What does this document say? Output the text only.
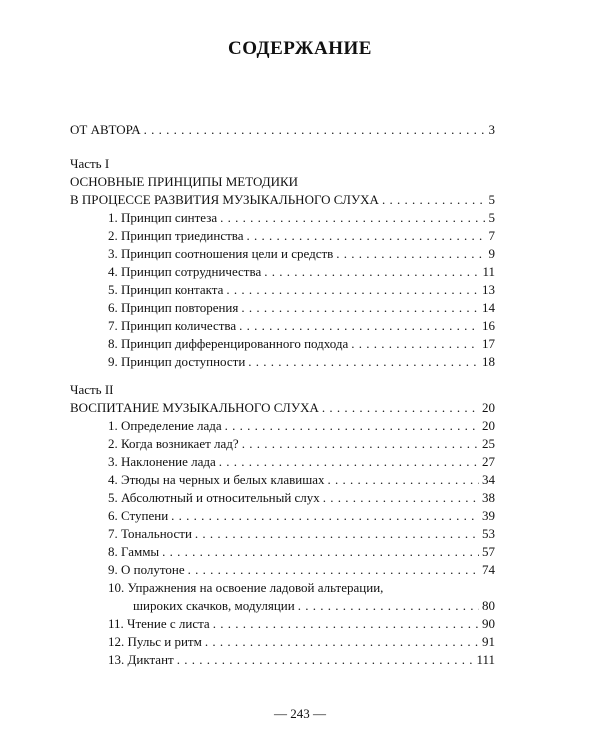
СОДЕРЖАНИЕ
ОТ АВТОРА . . .	3
Часть I
ОСНОВНЫЕ ПРИНЦИПЫ МЕТОДИКИ
В ПРОЦЕССЕ РАЗВИТИЯ МУЗЫКАЛЬНОГО СЛУХА . . .	5
1. Принцип синтеза . . .	5
2. Принцип триединства . . .	7
3. Принцип соотношения цели и средств . . .	9
4. Принцип сотрудничества . . .	11
5. Принцип контакта . . .	13
6. Принцип повторения . . .	14
7. Принцип количества . . .	16
8. Принцип дифференцированного подхода . . .	17
9. Принцип доступности . . .	18
Часть II
ВОСПИТАНИЕ МУЗЫКАЛЬНОГО СЛУХА . . .	20
1. Определение лада . . .	20
2. Когда возникает лад? . . .	25
3. Наклонение лада . . .	27
4. Этюды на черных и белых клавишах . . .	34
5. Абсолютный и относительный слух . . .	38
6. Ступени . . .	39
7. Тональности . . .	53
8. Гаммы . . .	57
9. О полутоне . . .	74
10. Упражнения на освоение ладовой альтерации,
широких скачков, модуляции . . .	80
11. Чтение с листа . . .	90
12. Пульс и ритм . . .	91
13. Диктант . . .	111
— 243 —
